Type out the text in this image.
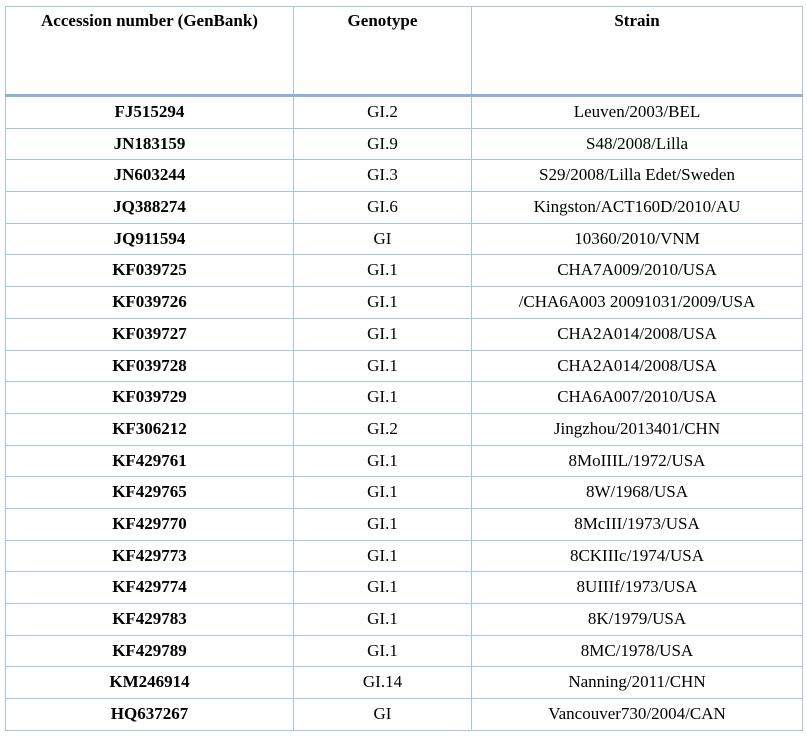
Accession number (GenBank)	Genotype	Strain
FJ515294	GI.2	Leuven/2003/BEL
JN183159	GI.9	S48/2008/Lilla
JN603244	GI.3	S29/2008/Lilla Edet/Sweden
JQ388274	GI.6	Kingston/ACT160D/2010/AU
JQ911594	GI	10360/2010/VNM
KF039725	GI.1	CHA7A009/2010/USA
KF039726	GI.1	/CHA6A003 20091031/2009/USA
KF039727	GI.1	CHA2A014/2008/USA
KF039728	GI.1	CHA2A014/2008/USA
KF039729	GI.1	CHA6A007/2010/USA
KF306212	GI.2	Jingzhou/2013401/CHN
KF429761	GI.1	8MoIIIL/1972/USA
KF429765	GI.1	8W/1968/USA
KF429770	GI.1	8McIII/1973/USA
KF429773	GI.1	8CKIIIc/1974/USA
KF429774	GI.1	8UIIIf/1973/USA
KF429783	GI.1	8K/1979/USA
KF429789	GI.1	8MC/1978/USA
KM246914	GI.14	Nanning/2011/CHN
HQ637267	GI	Vancouver730/2004/CAN
